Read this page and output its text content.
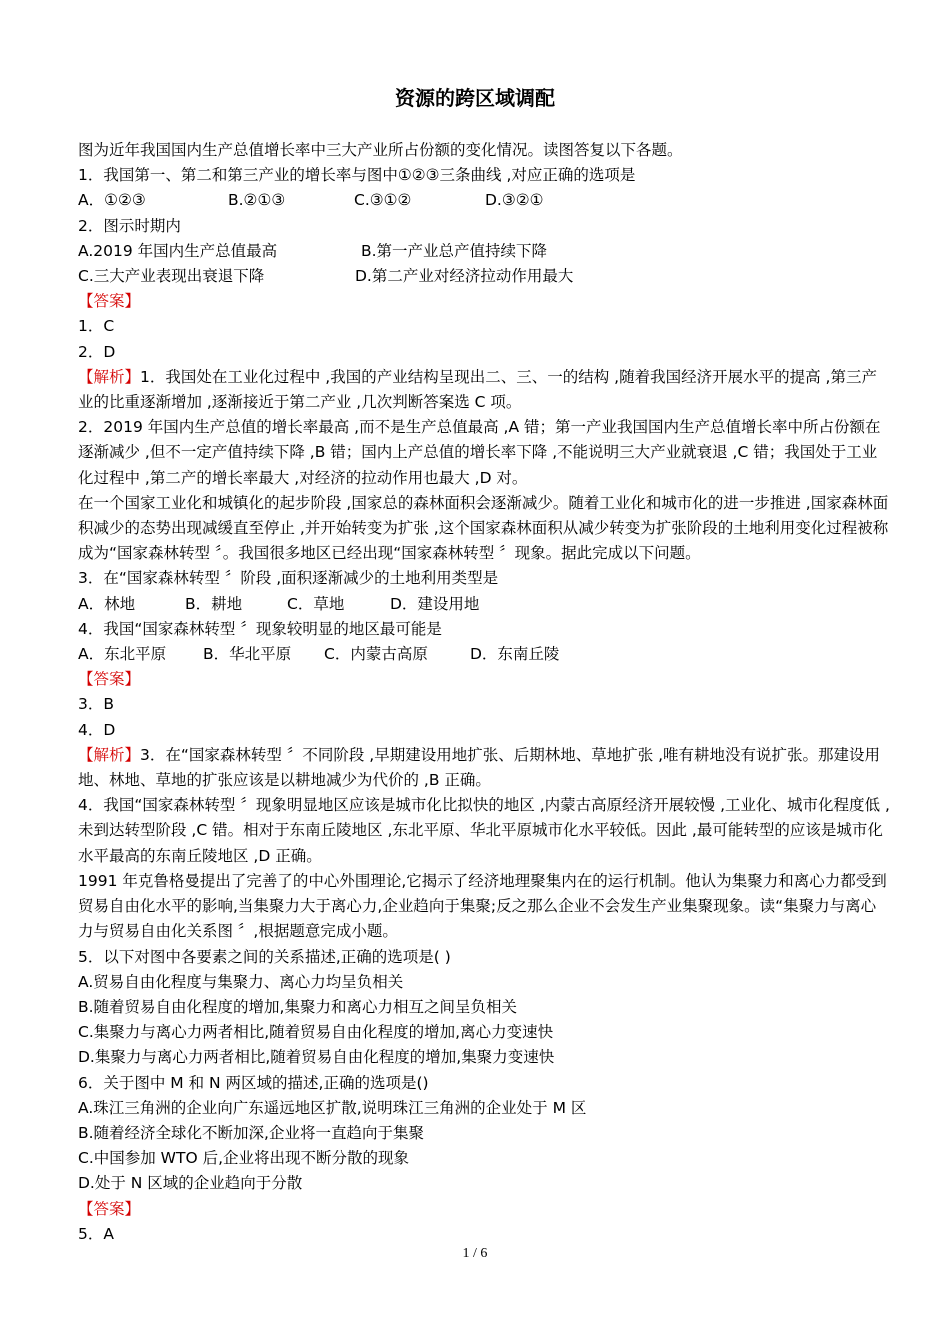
资源的跨区域调配

图为近年我国国内生产总值增长率中三大产业所占份额的变化情况。读图答复以下各题。

1．我国第一、第二和第三产业的增长率与图中①②③三条曲线 ,对应正确的选项是

A．①②③	B.②①③	C.③①②	D.③②①

2．图示时期内

A.2019 年国内生产总值最高	B.第一产业总产值持续下降
C.三大产业表现出衰退下降	D.第二产业对经济拉动作用最大

【答案】

1．C

2．D

【解析】1．我国处在工业化过程中 ,我国的产业结构呈现出二、三、一的结构 ,随着我国经济开展水平的提高 ,第三产业的比重逐渐增加 ,逐渐接近于第二产业 ,几次判断答案选 C 项。

2．2019 年国内生产总值的增长率最高 ,而不是生产总值最高 ,A 错；第一产业我国国内生产总值增长率中所占份额在逐渐减少 ,但不一定产值持续下降 ,B 错；国内上产总值的增长率下降 ,不能说明三大产业就衰退 ,C 错；我国处于工业化过程中 ,第二产的增长率最大 ,对经济的拉动作用也最大 ,D 对。

在一个国家工业化和城镇化的起步阶段 ,国家总的森林面积会逐渐减少。随着工业化和城市化的进一步推进 ,国家森林面积减少的态势出现减缓直至停止 ,并开始转变为扩张 ,这个国家森林面积从减少转变为扩张阶段的土地利用变化过程被称成为“国家森林转型 〞。我国很多地区已经出现“国家森林转型 〞现象。据此完成以下问题。

3．在“国家森林转型 〞阶段 ,面积逐渐减少的土地利用类型是

A．林地	B．耕地	C．草地	D．建设用地

4．我国“国家森林转型 〞现象较明显的地区最可能是

A．东北平原	B．华北平原	C．内蒙古高原	D．东南丘陵

【答案】

3．B

4．D

【解析】3．在“国家森林转型 〞不同阶段 ,早期建设用地扩张、后期林地、草地扩张 ,唯有耕地没有说扩张。那建设用地、林地、草地的扩张应该是以耕地减少为代价的 ,B 正确。

4．我国“国家森林转型 〞现象明显地区应该是城市化比拟快的地区 ,内蒙古高原经济开展较慢 ,工业化、城市化程度低 ,未到达转型阶段 ,C 错。相对于东南丘陵地区 ,东北平原、华北平原城市化水平较低。因此 ,最可能转型的应该是城市化水平最高的东南丘陵地区 ,D 正确。

1991 年克鲁格曼提出了完善了的中心外围理论,它揭示了经济地理聚集内在的运行机制。他认为集聚力和离心力都受到贸易自由化水平的影响,当集聚力大于离心力,企业趋向于集聚;反之那么企业不会发生产业集聚现象。读“集聚力与离心力与贸易自由化关系图 〞,根据题意完成小题。

5．以下对图中各要素之间的关系描述,正确的选项是( )

A.贸易自由化程度与集聚力、离心力均呈负相关

B.随着贸易自由化程度的增加,集聚力和离心力相互之间呈负相关

C.集聚力与离心力两者相比,随着贸易自由化程度的增加,离心力变速快

D.集聚力与离心力两者相比,随着贸易自由化程度的增加,集聚力变速快

6．关于图中 M 和 N 两区域的描述,正确的选项是()

A.珠江三角洲的企业向广东遥远地区扩散,说明珠江三角洲的企业处于 M 区

B.随着经济全球化不断加深,企业将一直趋向于集聚

C.中国参加 WTO 后,企业将出现不断分散的现象

D.处于 N 区域的企业趋向于分散

【答案】

5．A

1 / 6
